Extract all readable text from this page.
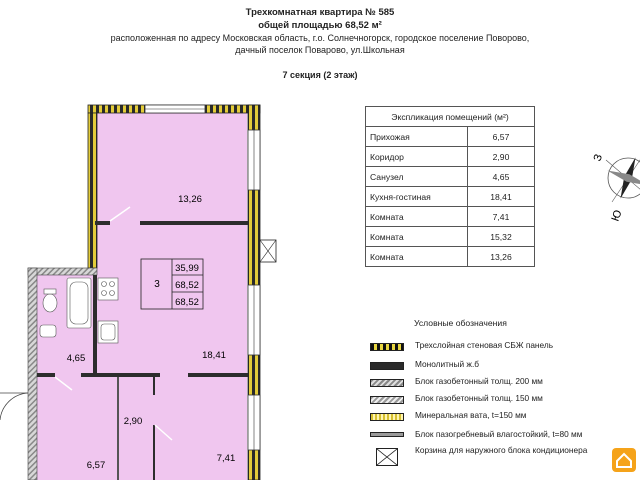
Трехкомнатная квартира № 585
общей площадью 68,52 м²
расположенная по адресу Московская область, г.о. Солнечногорск, городское поселение Поворово,
дачный поселок Поварово, ул.Школьная
7 секция (2 этаж)
3
35,99
68,52
68,52
13,26
18,41
4,65
6,57
2,90
7,41
Экспликация помещений (м²)	
Прихожая	6,57
Коридор	2,90
Санузел	4,65
Кухня-гостиная	18,41
Комната	7,41
Комната	15,32
Комната	13,26
З
Ю
Условные обозначения
Трехслойная стеновая СБЖ панель
Монолитный ж.б
Блок газобетонный толщ. 200 мм
Блок газобетонный толщ. 150 мм
Минеральная вата, t=150 мм
Блок пазогребневый влагостойкий, t=80 мм
Корзина для наружного блока кондиционера
